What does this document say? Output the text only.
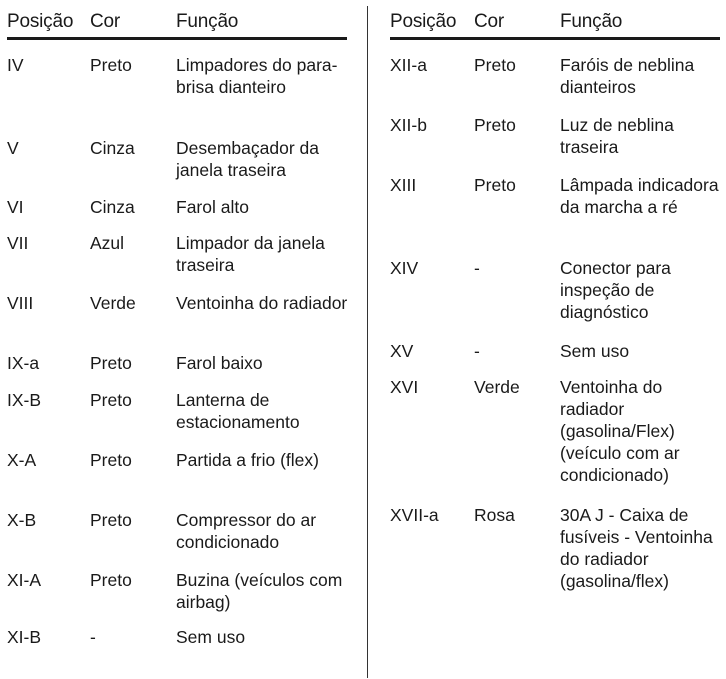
Posição Cor	Função
IV	Preto	Limpadores do para-brisa dianteiro
V	Cinza Desembaçador da janela traseira
VI	Cinza Farol alto
VII	Azul	Limpador da janela traseira
VIII	Verde Ventoinha do radiador
IX-a	Preto	Farol baixo
IX-B	Preto	Lanterna de estacionamento
X-A	Preto	Partida a frio (flex)
X-B	Preto	Compressor do ar condicionado
XI-A	Preto	Buzina (veículos com airbag)
XI-B	-	Sem uso
Posição Cor	Função
XII-a	Preto	Faróis de neblina dianteiros
XII-b	Preto	Luz de neblina traseira
XIII	Preto	Lâmpada indicadora da marcha a ré
XIV	-	Conector para inspeção de diagnóstico
XV	-	Sem uso
XVI	Verde Ventoinha do radiador (gasolina/Flex) (veículo com ar condicionado)
XVII-a Rosa	30A J - Caixa de fusíveis - Ventoinha do radiador (gasolina/flex)
